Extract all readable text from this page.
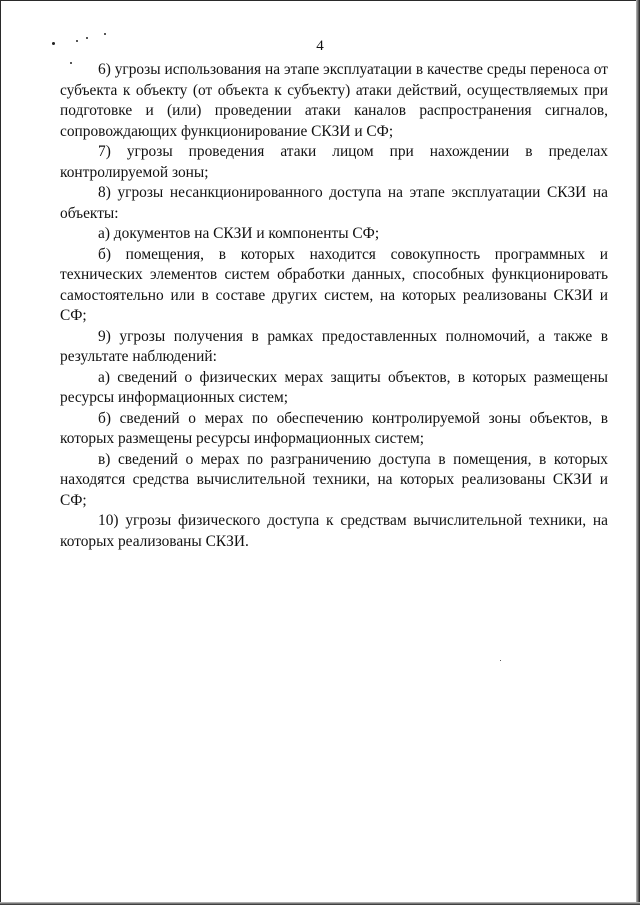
4

6) угрозы использования на этапе эксплуатации в качестве среды переноса от субъекта к объекту (от объекта к субъекту) атаки действий, осуществляемых при подготовке и (или) проведении атаки каналов распространения сигналов, сопровождающих функционирование СКЗИ и СФ;

7) угрозы проведения атаки лицом при нахождении в пределах контролируемой зоны;

8) угрозы несанкционированного доступа на этапе эксплуатации СКЗИ на объекты:

а) документов на СКЗИ и компоненты СФ;

б) помещения, в которых находится совокупность программных и технических элементов систем обработки данных, способных функционировать самостоятельно или в составе других систем, на которых реализованы СКЗИ и СФ;

9) угрозы получения в рамках предоставленных полномочий, а также в результате наблюдений:

а) сведений о физических мерах защиты объектов, в которых размещены ресурсы информационных систем;

б) сведений о мерах по обеспечению контролируемой зоны объектов, в которых размещены ресурсы информационных систем;

в) сведений о мерах по разграничению доступа в помещения, в которых находятся средства вычислительной техники, на которых реализованы СКЗИ и СФ;

10) угрозы физического доступа к средствам вычислительной техники, на которых реализованы СКЗИ.
